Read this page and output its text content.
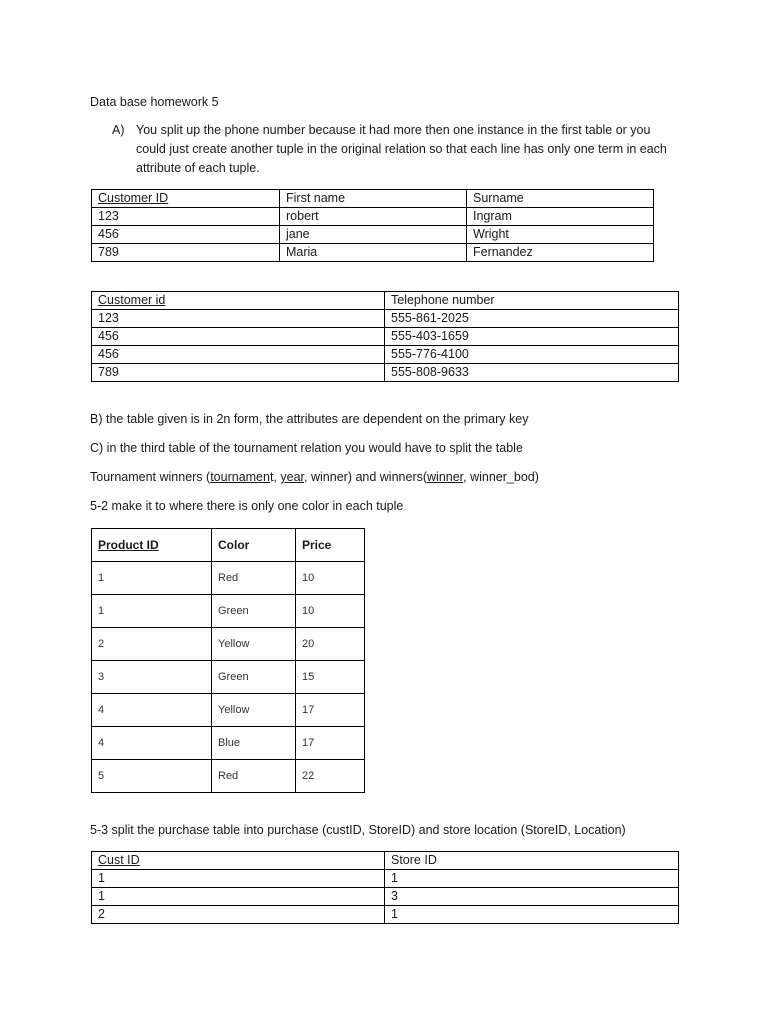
Data base homework 5

A) You split up the phone number because it had more then one instance in the first table or you could just create another tuple in the original relation so that each line has only one term in each attribute of each tuple.
Customer ID	First name	Surname
123	robert	Ingram
456	jane	Wright
789	Maria	Fernandez
Customer id	Telephone number
123	555-861-2025
456	555-403-1659
456	555-776-4100
789	555-808-9633

B) the table given is in 2n form, the attributes are dependent on the primary key

C) in the third table of the tournament relation you would have to split the table

Tournament winners (tournament, year, winner) and winners(winner, winner_bod)

5-2 make it to where there is only one color in each tuple

Product ID	Color	Price
1	Red	10
1	Green	10
2	Yellow	20
3	Green	15
4	Yellow	17
4	Blue	17
5	Red	22

5-3 split the purchase table into purchase (custID, StoreID) and store location (StoreID, Location)

Cust ID	Store ID
1	1
1	3
2	1
